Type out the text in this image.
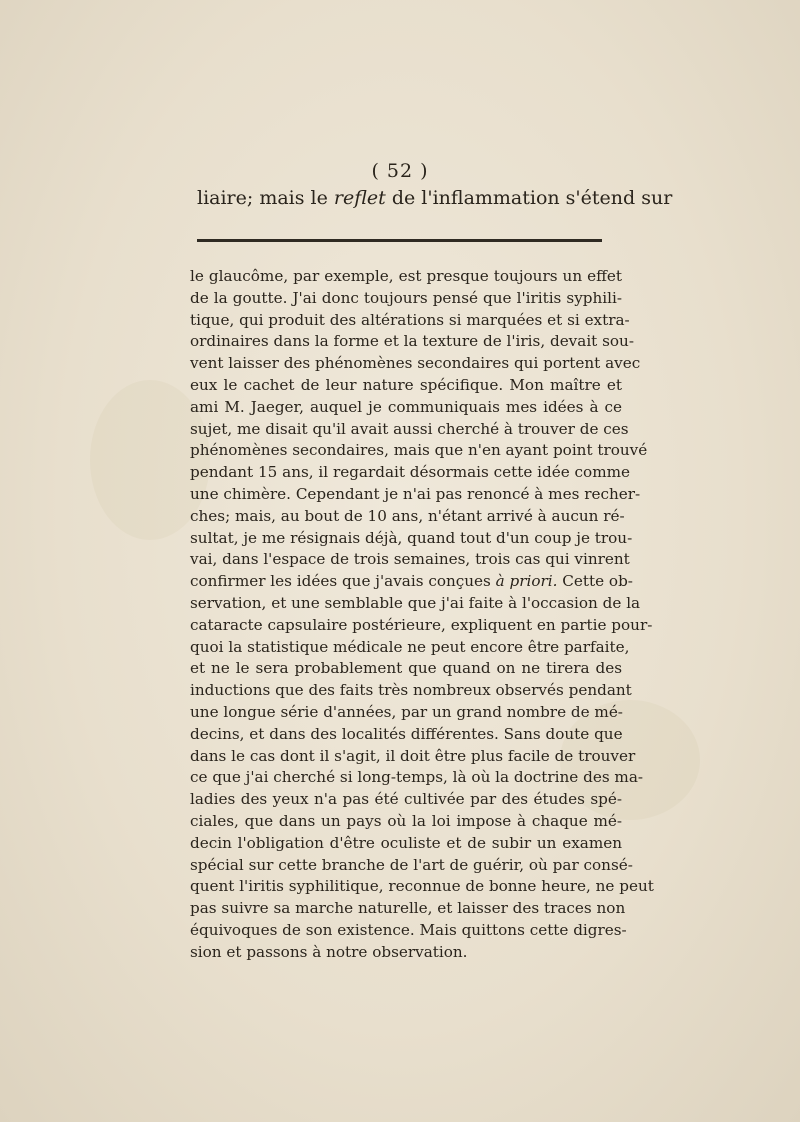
( 52 )
liaire; mais le reflet de l'inflammation s'étend sur
le glaucôme, par exemple, est presque toujours un effet
de la goutte. J'ai donc toujours pensé que l'iritis syphili-
tique, qui produit des altérations si marquées et si extra-
ordinaires dans la forme et la texture de l'iris, devait sou-
vent laisser des phénomènes secondaires qui portent avec
eux le cachet de leur nature spécifique. Mon maître et
ami M. Jaeger, auquel je communiquais mes idées à ce
sujet, me disait qu'il avait aussi cherché à trouver de ces
phénomènes secondaires, mais que n'en ayant point trouvé
pendant 15 ans, il regardait désormais cette idée comme
une chimère. Cependant je n'ai pas renoncé à mes recher-
ches; mais, au bout de 10 ans, n'étant arrivé à aucun ré-
sultat, je me résignais déjà, quand tout d'un coup je trou-
vai, dans l'espace de trois semaines, trois cas qui vinrent
confirmer les idées que j'avais conçues à priori. Cette ob-
servation, et une semblable que j'ai faite à l'occasion de la
cataracte capsulaire postérieure, expliquent en partie pour-
quoi la statistique médicale ne peut encore être parfaite,
et ne le sera probablement que quand on ne tirera des
inductions que des faits très nombreux observés pendant
une longue série d'années, par un grand nombre de mé-
decins, et dans des localités différentes. Sans doute que
dans le cas dont il s'agit, il doit être plus facile de trouver
ce que j'ai cherché si long-temps, là où la doctrine des ma-
ladies des yeux n'a pas été cultivée par des études spé-
ciales, que dans un pays où la loi impose à chaque mé-
decin l'obligation d'être oculiste et de subir un examen
spécial sur cette branche de l'art de guérir, où par consé-
quent l'iritis syphilitique, reconnue de bonne heure, ne peut
pas suivre sa marche naturelle, et laisser des traces non
équivoques de son existence. Mais quittons cette digres-
sion et passons à notre observation.
